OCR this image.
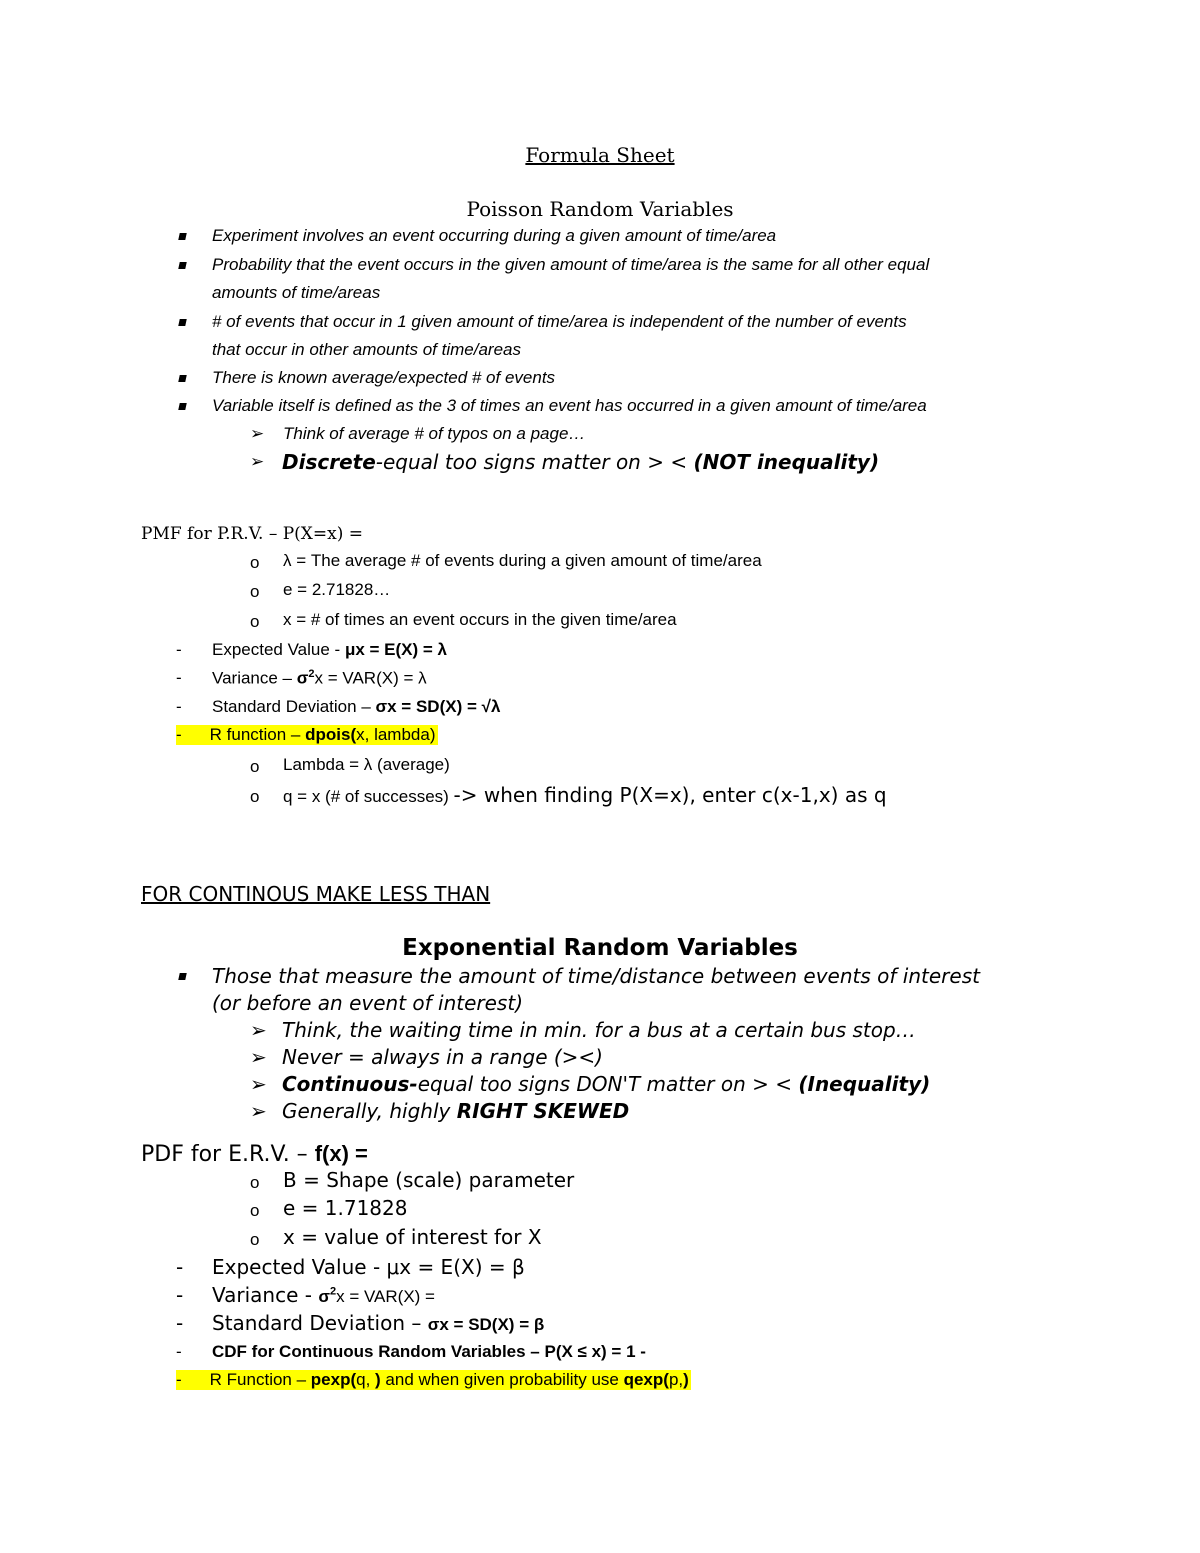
Formula Sheet
Poisson Random Variables
Experiment involves an event occurring during a given amount of time/area
Probability that the event occurs in the given amount of time/area is the same for all other equal
amounts of time/areas
# of events that occur in 1 given amount of time/area is independent of the number of events
that occur in other amounts of time/areas
There is known average/expected # of events
Variable itself is defined as the 3 of times an event has occurred in a given amount of time/area
➢ Think of average # of typos on a page…
➢ Discrete-equal too signs matter on > < (NOT inequality)
PMF for P.R.V. – P(X=x) =
o λ = The average # of events during a given amount of time/area
o e = 2.71828…
o x = # of times an event occurs in the given time/area
- Expected Value - μx = E(X) = λ
- Variance – $\sigma^2x = VAR(X) = \lambda$
- Standard Deviation – σx = SD(X) = √λ
- R function – dpois(x, lambda)
o Lambda = λ (average)
o q = x (# of successes) -> when finding P(X=x), enter c(x-1,x) as q
FOR CONTINOUS MAKE LESS THAN
Exponential Random Variables
Those that measure the amount of time/distance between events of interest
(or before an event of interest)
➢ Think, the waiting time in min. for a bus at a certain bus stop…
➢ Never = always in a range (><)
➢ Continuous-equal too signs DON'T matter on > < (Inequality)
➢ Generally, highly RIGHT SKEWED
PDF for E.R.V. – f(x) =
o B = Shape (scale) parameter
o e = 1.71828
o x = value of interest for X
- Expected Value - μx = E(X) = β
- Variance - $\sigma^2x = VAR(X)$ =
- Standard Deviation – σx = SD(X) = β
- CDF for Continuous Random Variables – P(X ≤ x) = 1 -
- R Function – pexp(q, ) and when given probability use qexp(p,)
